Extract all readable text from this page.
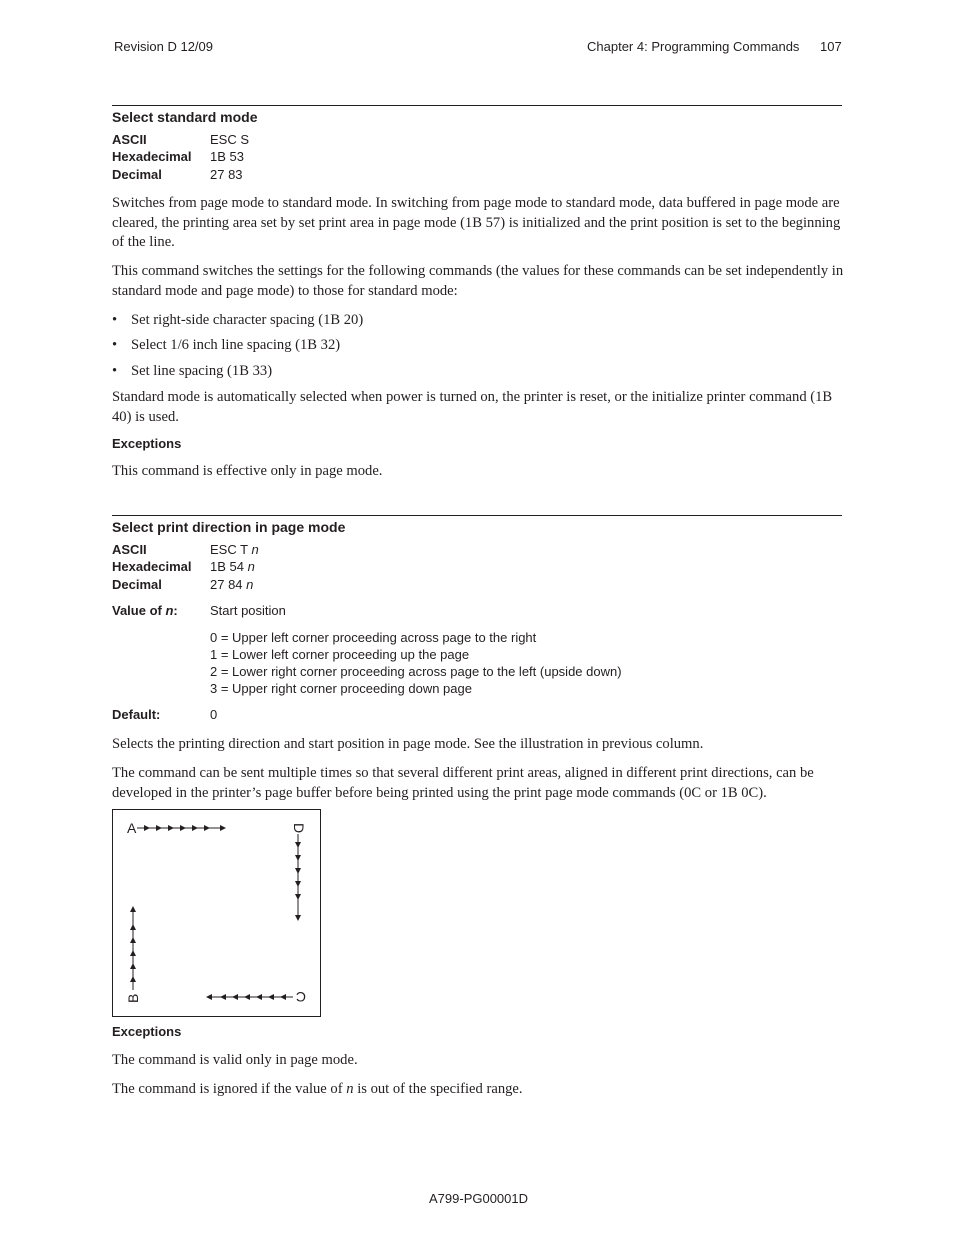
Revision D 12/09	Chapter 4: Programming Commands 107
Select standard mode
ASCII	ESC S
Hexadecimal 1B 53
Decimal	27 83
Switches from page mode to standard mode. In switching from page mode to standard mode, data buffered in page mode are cleared, the printing area set by set print area in page mode (1B 57) is initialized and the print position is set to the beginning of the line.
This command switches the settings for the following commands (the values for these commands can be set independently in standard mode and page mode) to those for standard mode:
• Set right-side character spacing (1B 20)
• Select 1/6 inch line spacing (1B 32)
• Set line spacing (1B 33)
Standard mode is automatically selected when power is turned on, the printer is reset, or the initialize printer command (1B 40) is used.
Exceptions
This command is effective only in page mode.
Select print direction in page mode
ASCII	ESC T n
Hexadecimal 1B 54 n
Decimal	27 84 n
Value of n: Start position
0 = Upper left corner proceeding across page to the right
1 = Lower left corner proceeding up the page
2 = Lower right corner proceeding across page to the left (upside down)
3 = Upper right corner proceeding down page
Default:	0
Selects the printing direction and start position in page mode. See the illustration in previous column.
The command can be sent multiple times so that several different print areas, aligned in different print directions, can be developed in the printer’s page buffer before being printed using the print page mode commands (0C or 1B 0C).
A	D
B	C
Exceptions
The command is valid only in page mode.
The command is ignored if the value of n is out of the specified range.
A799-PG00001D
